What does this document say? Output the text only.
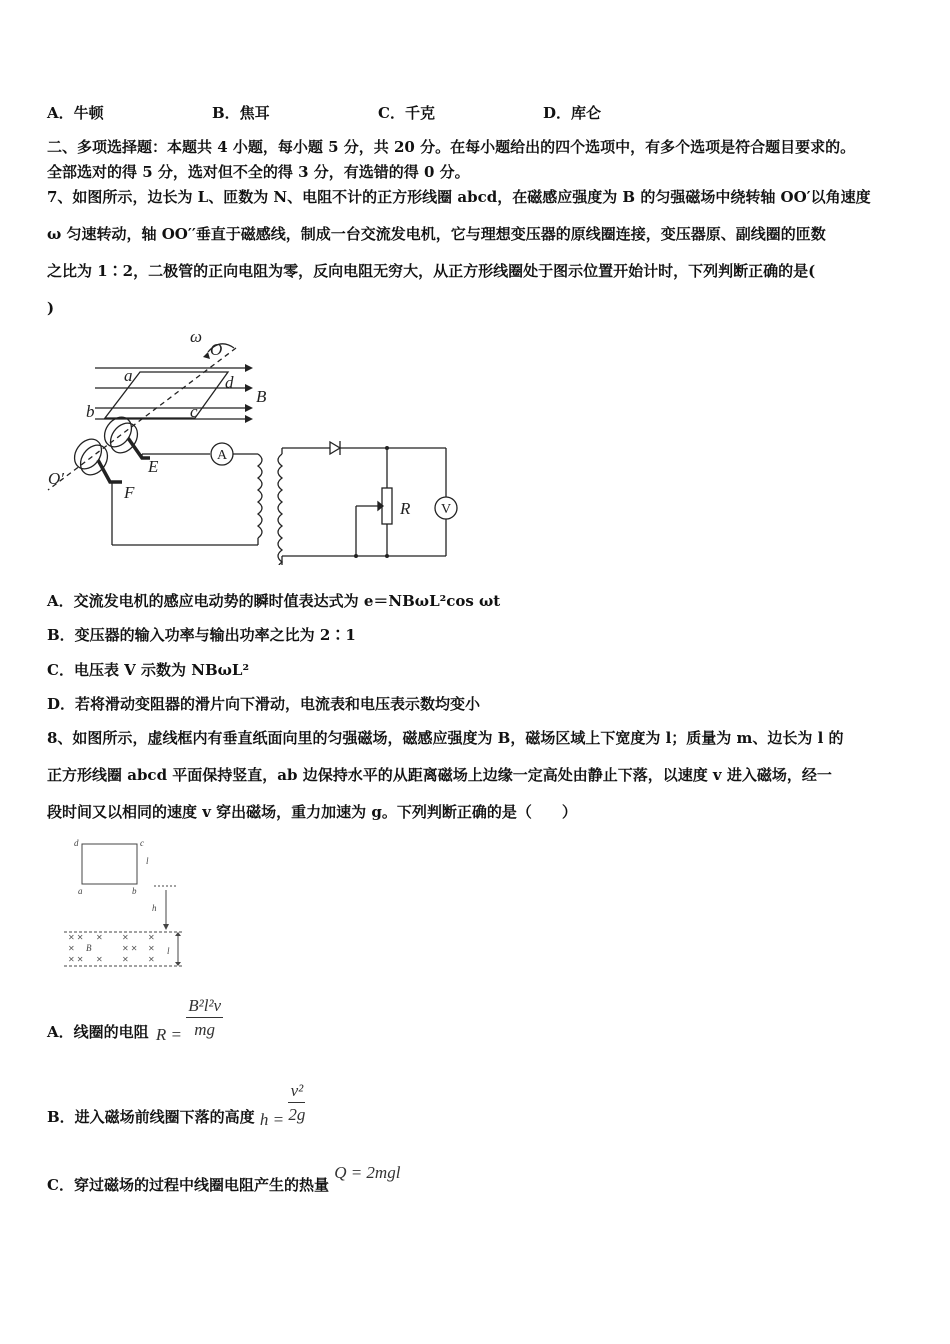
A．牛顿	B．焦耳	C．千克	D．库仑
二、多项选择题：本题共 4 小题，每小题 5 分，共 20 分。在每小题给出的四个选项中，有多个选项是符合题目要求的。
全部选对的得 5 分，选对但不全的得 3 分，有选错的得 0 分。
7、如图所示，边长为 L、匝数为 N、电阻不计的正方形线圈 abcd，在磁感应强度为 B 的匀强磁场中绕转轴 OO′以角速度
ω 匀速转动，轴 OO′′垂直于磁感线，制成一台交流发电机，它与理想变压器的原线圈连接，变压器原、副线圈的匝数
之比为 1∶2，二极管的正向电阻为零，反向电阻无穷大，从正方形线圈处于图示位置开始计时，下列判断正确的是(
)
ω
O
a	d
B
b	c
E
O′
F
R
A
V
A．交流发电机的感应电动势的瞬时值表达式为 e＝NBωL²cos ωt
B．变压器的输入功率与输出功率之比为 2∶1
C．电压表 V 示数为 NBωL²
D．若将滑动变阻器的滑片向下滑动，电流表和电压表示数均变小
8、如图所示，虚线框内有垂直纸面向里的匀强磁场，磁感应强度为 B，磁场区域上下宽度为 l；质量为 m、边长为 l 的
正方形线圈 abcd 平面保持竖直，ab 边保持水平的从距离磁场上边缘一定高处由静止下落，以速度 v 进入磁场，经一
段时间又以相同的速度 v 穿出磁场，重力加速为 g。下列判断正确的是（　　）
✕ ✕ ✕ ✕ ✕
✕	✕ ✕ ✕
✕ ✕ ✕ ✕ ✕
d	c
l
a	b
h
B	l
A．线圈的电阻 $R = \frac{\text{B²l²v}}{mg}$
B．进入磁场前线圈下落的高度 $h = \frac{\text{v²}}{2g}$
C．穿过磁场的过程中线圈电阻产生的热量 Q = 2mgl
